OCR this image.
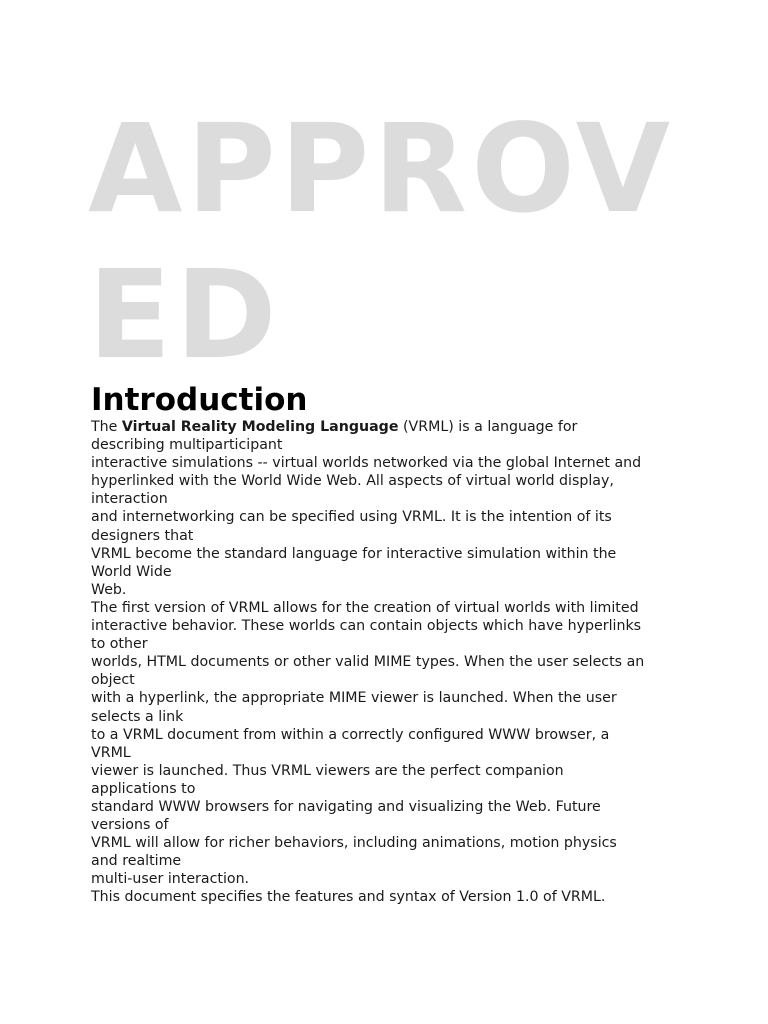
APPROV
ED
Introduction
The Virtual Reality Modeling Language (VRML) is a language for
describing multiparticipant
interactive simulations -- virtual worlds networked via the global Internet and
hyperlinked with the World Wide Web. All aspects of virtual world display,
interaction
and internetworking can be specified using VRML. It is the intention of its
designers that
VRML become the standard language for interactive simulation within the
World Wide
Web.
The first version of VRML allows for the creation of virtual worlds with limited
interactive behavior. These worlds can contain objects which have hyperlinks
to other
worlds, HTML documents or other valid MIME types. When the user selects an
object
with a hyperlink, the appropriate MIME viewer is launched. When the user
selects a link
to a VRML document from within a correctly configured WWW browser, a
VRML
viewer is launched. Thus VRML viewers are the perfect companion
applications to
standard WWW browsers for navigating and visualizing the Web. Future
versions of
VRML will allow for richer behaviors, including animations, motion physics
and realtime
multi-user interaction.
This document specifies the features and syntax of Version 1.0 of VRML.
